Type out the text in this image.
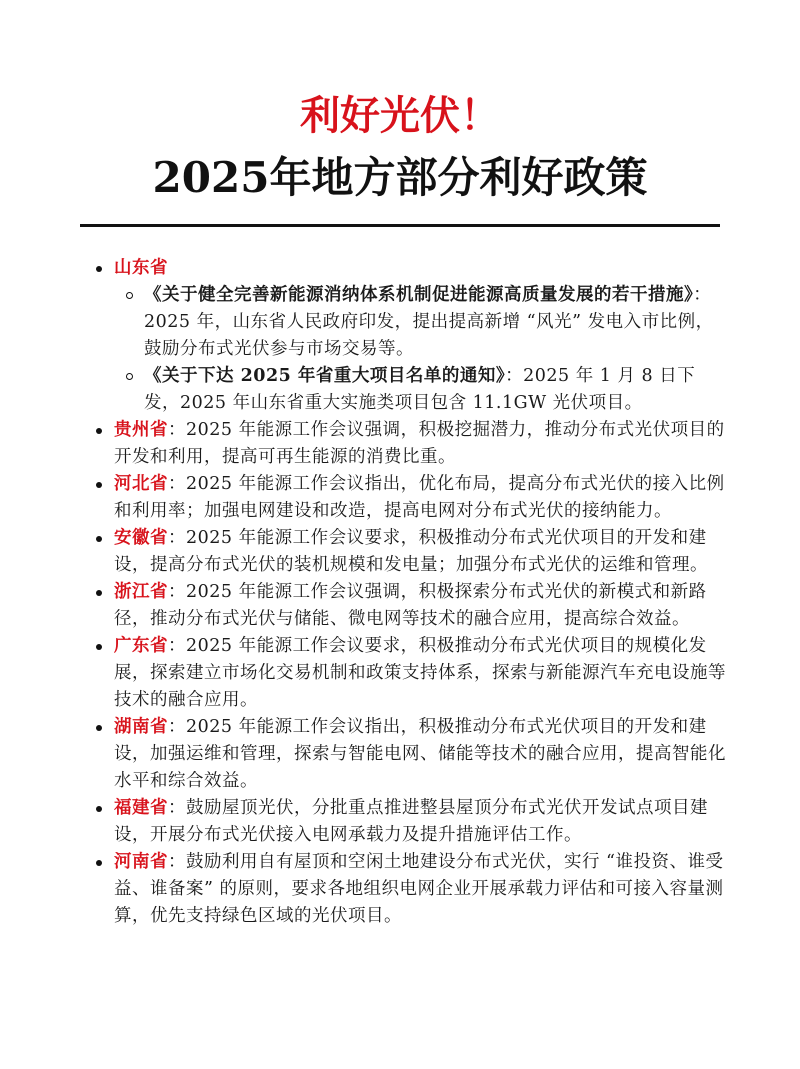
利好光伏！
2025年地方部分利好政策
山东省
《关于健全完善新能源消纳体系机制促进能源高质量发展的若干措施》：2025 年，山东省人民政府印发，提出提高新增 “风光” 发电入市比例，鼓励分布式光伏参与市场交易等。
《关于下达 2025 年省重大项目名单的通知》：2025 年 1 月 8 日下发，2025 年山东省重大实施类项目包含 11.1GW 光伏项目。
贵州省：2025 年能源工作会议强调，积极挖掘潜力，推动分布式光伏项目的开发和利用，提高可再生能源的消费比重。
河北省：2025 年能源工作会议指出，优化布局，提高分布式光伏的接入比例和利用率；加强电网建设和改造，提高电网对分布式光伏的接纳能力。
安徽省：2025 年能源工作会议要求，积极推动分布式光伏项目的开发和建设，提高分布式光伏的装机规模和发电量；加强分布式光伏的运维和管理。
浙江省：2025 年能源工作会议强调，积极探索分布式光伏的新模式和新路径，推动分布式光伏与储能、微电网等技术的融合应用，提高综合效益。
广东省：2025 年能源工作会议要求，积极推动分布式光伏项目的规模化发展，探索建立市场化交易机制和政策支持体系，探索与新能源汽车充电设施等技术的融合应用。
湖南省：2025 年能源工作会议指出，积极推动分布式光伏项目的开发和建设，加强运维和管理，探索与智能电网、储能等技术的融合应用，提高智能化水平和综合效益。
福建省：鼓励屋顶光伏，分批重点推进整县屋顶分布式光伏开发试点项目建设，开展分布式光伏接入电网承载力及提升措施评估工作。
河南省：鼓励利用自有屋顶和空闲土地建设分布式光伏，实行 “谁投资、谁受益、谁备案” 的原则，要求各地组织电网企业开展承载力评估和可接入容量测算，优先支持绿色区域的光伏项目。
